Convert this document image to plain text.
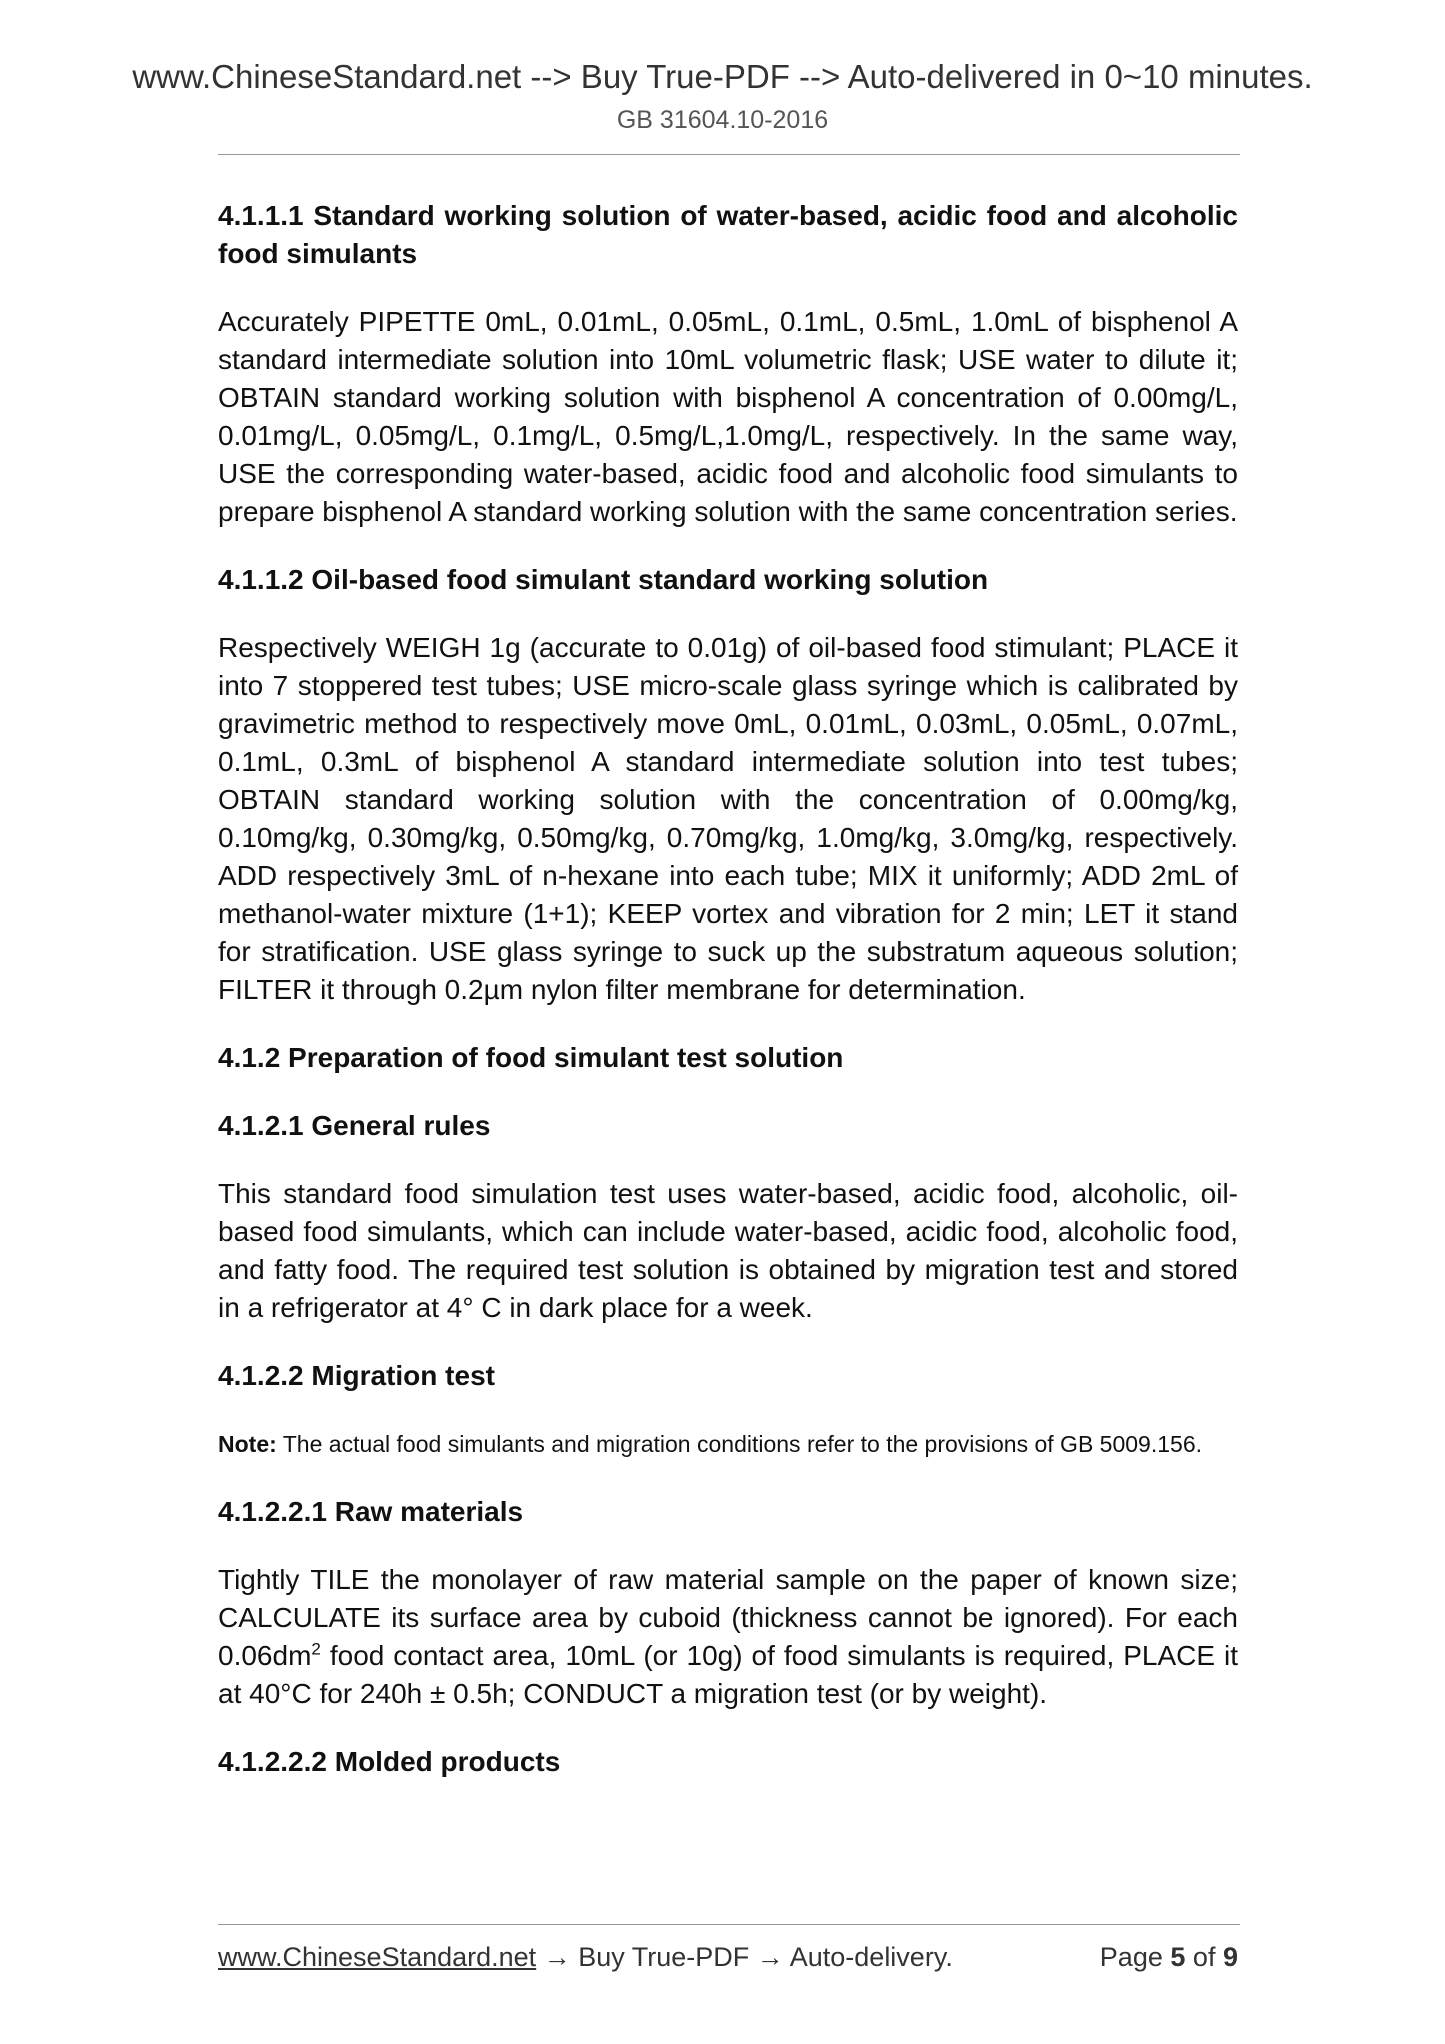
www.ChineseStandard.net --> Buy True-PDF --> Auto-delivered in 0~10 minutes.
GB 31604.10-2016

4.1.1.1 Standard working solution of water-based, acidic food and alcoholic food simulants

Accurately PIPETTE 0mL, 0.01mL, 0.05mL, 0.1mL, 0.5mL, 1.0mL of bisphenol A standard intermediate solution into 10mL volumetric flask; USE water to dilute it; OBTAIN standard working solution with bisphenol A concentration of 0.00mg/L, 0.01mg/L, 0.05mg/L, 0.1mg/L, 0.5mg/L,1.0mg/L, respectively. In the same way, USE the corresponding water-based, acidic food and alcoholic food simulants to prepare bisphenol A standard working solution with the same concentration series.

4.1.1.2 Oil-based food simulant standard working solution

Respectively WEIGH 1g (accurate to 0.01g) of oil-based food stimulant; PLACE it into 7 stoppered test tubes; USE micro-scale glass syringe which is calibrated by gravimetric method to respectively move 0mL, 0.01mL, 0.03mL, 0.05mL, 0.07mL, 0.1mL, 0.3mL of bisphenol A standard intermediate solution into test tubes; OBTAIN standard working solution with the concentration of 0.00mg/kg, 0.10mg/kg, 0.30mg/kg, 0.50mg/kg, 0.70mg/kg, 1.0mg/kg, 3.0mg/kg, respectively. ADD respectively 3mL of n-hexane into each tube; MIX it uniformly; ADD 2mL of methanol-water mixture (1+1); KEEP vortex and vibration for 2 min; LET it stand for stratification. USE glass syringe to suck up the substratum aqueous solution; FILTER it through 0.2µm nylon filter membrane for determination.

4.1.2 Preparation of food simulant test solution

4.1.2.1 General rules

This standard food simulation test uses water-based, acidic food, alcoholic, oil-based food simulants, which can include water-based, acidic food, alcoholic food, and fatty food. The required test solution is obtained by migration test and stored in a refrigerator at 4° C in dark place for a week.

4.1.2.2 Migration test

Note: The actual food simulants and migration conditions refer to the provisions of GB 5009.156.

4.1.2.2.1 Raw materials

Tightly TILE the monolayer of raw material sample on the paper of known size; CALCULATE its surface area by cuboid (thickness cannot be ignored). For each $0.06dm^2$ food contact area, 10mL (or 10g) of food simulants is required, PLACE it at 40°C for 240h ± 0.5h; CONDUCT a migration test (or by weight).

4.1.2.2.2 Molded products

www.ChineseStandard.net → Buy True-PDF → Auto-delivery.	Page 5 of 9
